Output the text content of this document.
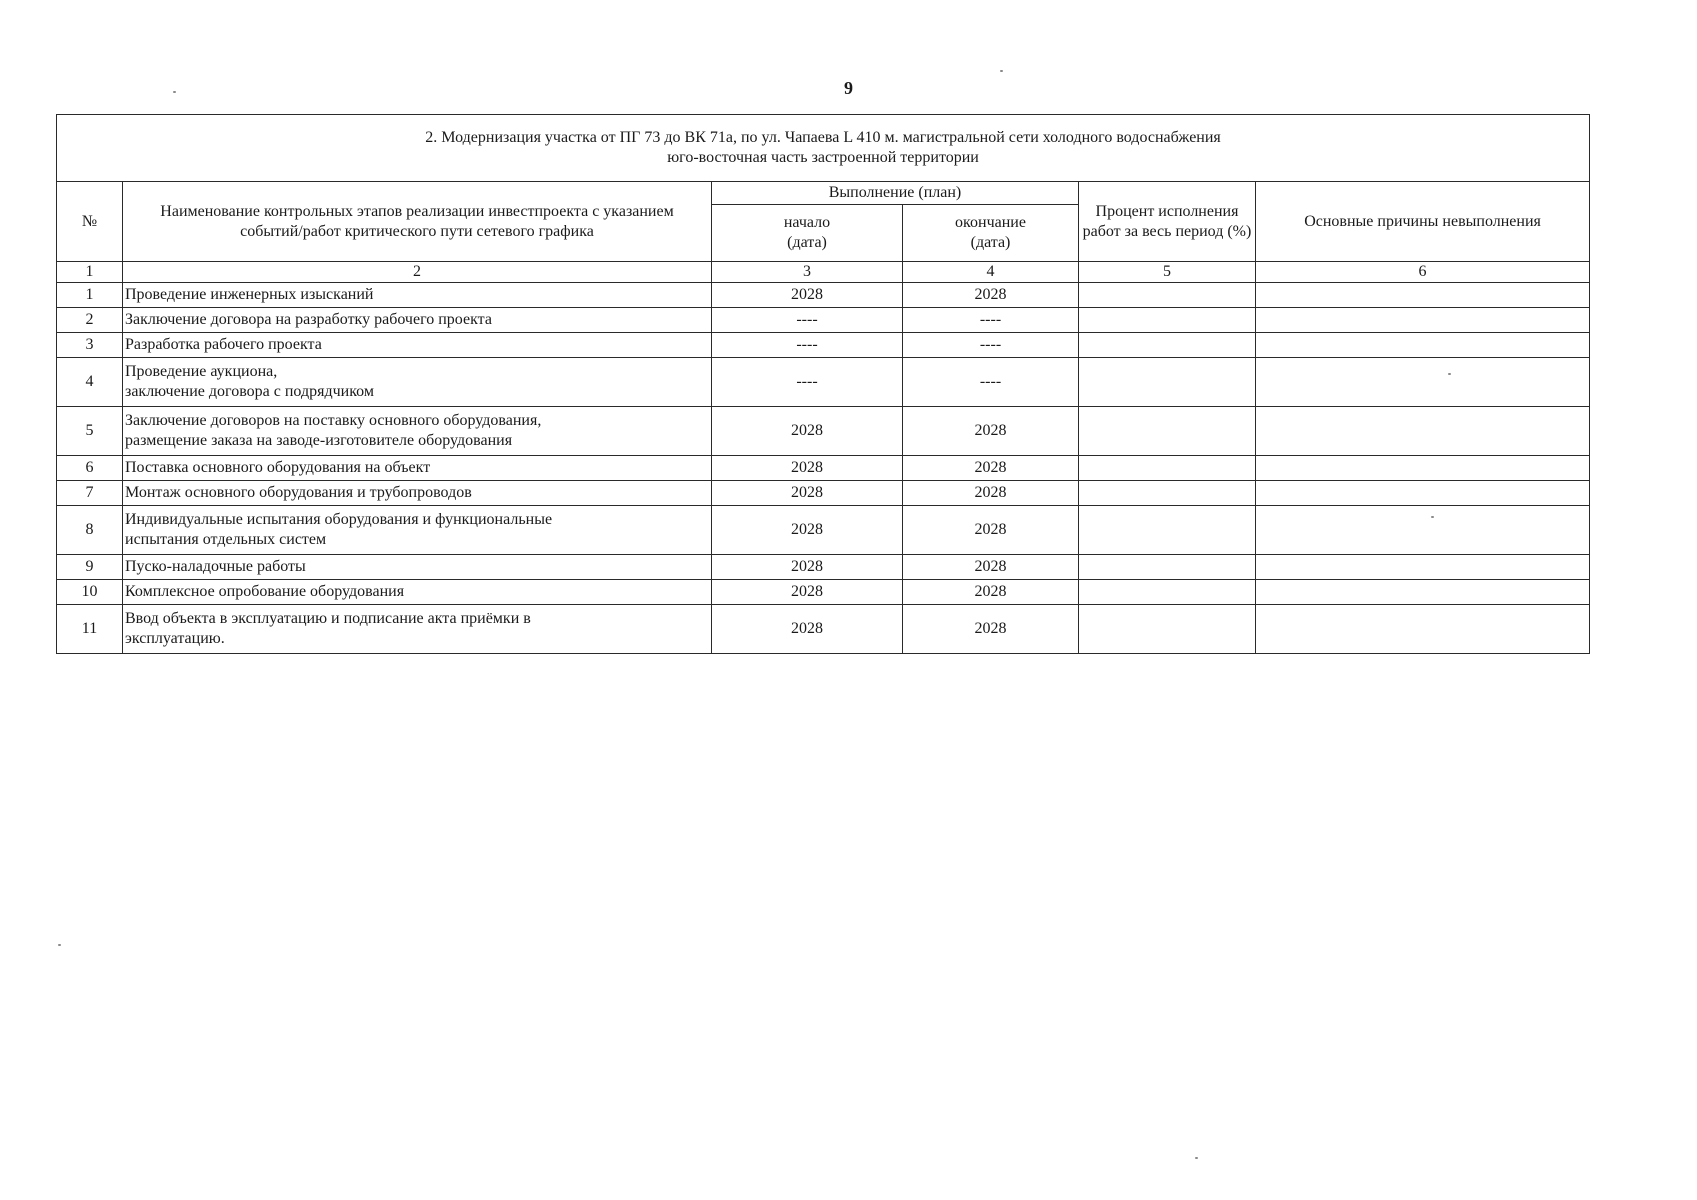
9
2. Модернизация участка от ПГ 73 до ВК 71а, по ул. Чапаева L 410 м. магистральной сети холодного водоснабжения
юго-восточная часть застроенной территории					

№	Наименование контрольных этапов реализации инвестпроекта с указанием событий/работ критического пути сетевого графика	Выполнение (план)		Процент исполнения работ за весь период (%)	Основные причины невыполнения
		начало (дата)	окончание (дата)		
1	2	3	4	5	6
1	Проведение инженерных изысканий	2028	2028		
2	Заключение договора на разработку рабочего проекта	----	----		
3	Разработка рабочего проекта	----	----		
4	Проведение аукциона,
заключение договора с подрядчиком	----	----		
5	Заключение договоров на поставку основного оборудования,
размещение заказа на заводе-изготовителе оборудования	2028	2028		
6	Поставка основного оборудования на объект	2028	2028		
7	Монтаж основного оборудования и трубопроводов	2028	2028		
8	Индивидуальные испытания оборудования и функциональные
испытания отдельных систем	2028	2028		
9	Пуско-наладочные работы	2028	2028		
10	Комплексное опробование оборудования	2028	2028		
11	Ввод объекта в эксплуатацию и подписание акта приёмки в
эксплуатацию.	2028	2028		
